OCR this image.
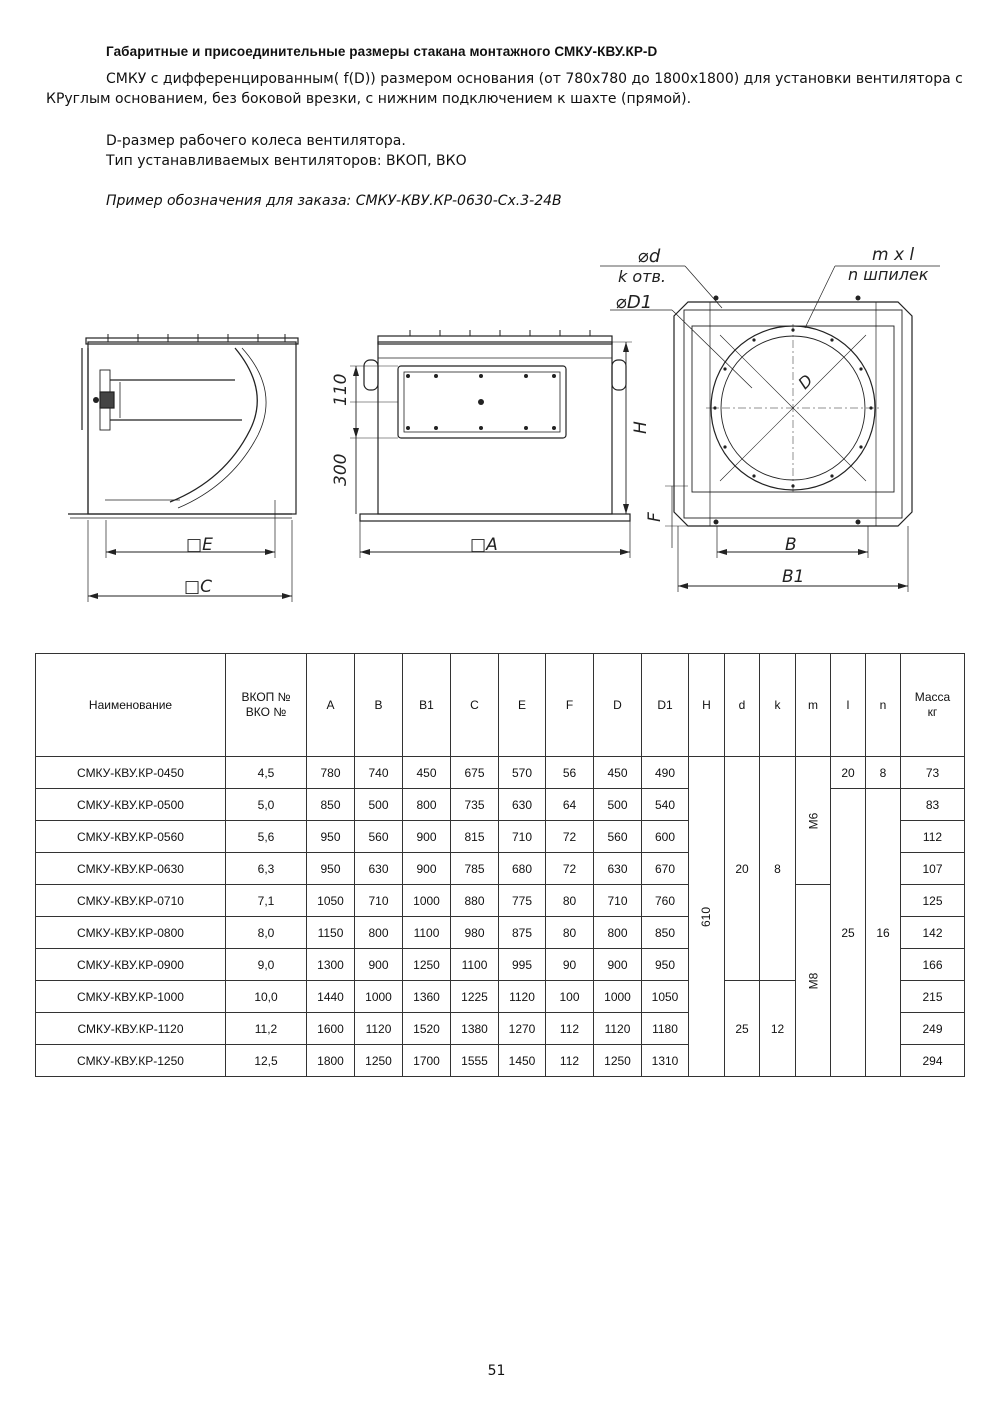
Габаритные и присоединительные размеры стакана монтажного СМКУ-КВУ.КР-D
СМКУ с дифференцированным( f(D)) размером основания (от 780х780 до 1800х1800) для установки вентилятора с
КРуглым основанием, без боковой врезки, с нижним подключением к шахте (прямой).
D-размер рабочего колеса вентилятора.
Тип устанавливаемых вентиляторов: ВКОП, ВКО
Пример обозначения для заказа: СМКУ-КВУ.КР-0630-Сх.3-24В
□E
□C
□A
110
300
H
F
B
B1
⌀d
k отв.
⌀D1
D
m x l
n шпилек
Наименование	ВКОП №
ВКО №	A	B	B1	C	E	F	D	D1	H	d	k	m	l	n	Масса
кг
СМКУ-КВУ.КР-0450	4,5	780	740	450	675	570	56	450	490	610	20	8	M6	20	8	73
СМКУ-КВУ.КР-0500	5,0	850	500	800	735	630	64	500	540					25	16	83
СМКУ-КВУ.КР-0560	5,6	950	560	900	815	710	72	560	600							112
СМКУ-КВУ.КР-0630	6,3	950	630	900	785	680	72	630	670							107
СМКУ-КВУ.КР-0710	7,1	1050	710	1000	880	775	80	710	760				M8			125
СМКУ-КВУ.КР-0800	8,0	1150	800	1100	980	875	80	800	850							142
СМКУ-КВУ.КР-0900	9,0	1300	900	1250	1100	995	90	900	950							166
СМКУ-КВУ.КР-1000	10,0	1440	1000	1360	1225	1120	100	1000	1050		25	12				215
СМКУ-КВУ.КР-1120	11,2	1600	1120	1520	1380	1270	112	1120	1180							249
СМКУ-КВУ.КР-1250	12,5	1800	1250	1700	1555	1450	112	1250	1310							294
51
